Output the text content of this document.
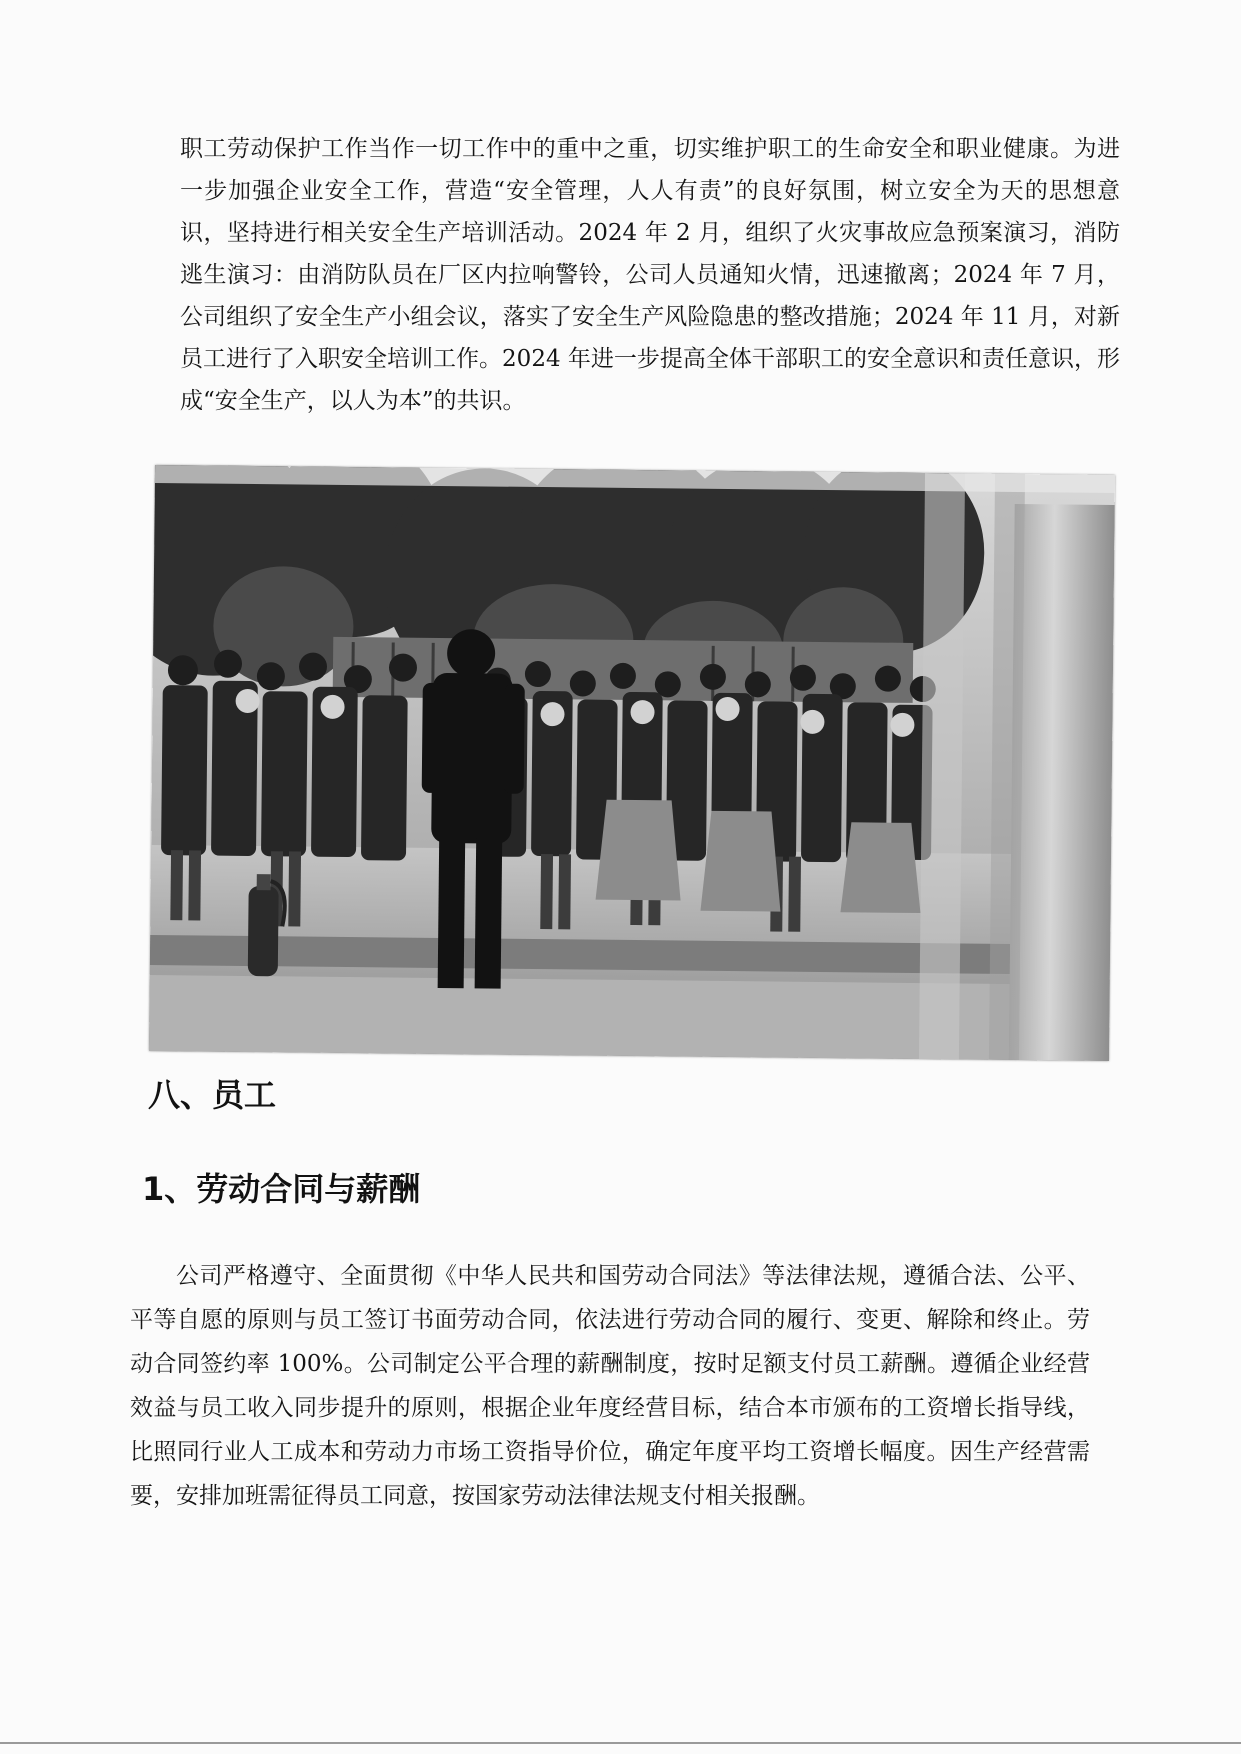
职工劳动保护工作当作一切工作中的重中之重，切实维护职工的生命安全和职业健康。为进一步加强企业安全工作，营造“安全管理，人人有责”的良好氛围，树立安全为天的思想意识，坚持进行相关安全生产培训活动。2024 年 2 月，组织了火灾事故应急预案演习，消防逃生演习：由消防队员在厂区内拉响警铃，公司人员通知火情，迅速撤离；2024 年 7 月，公司组织了安全生产小组会议，落实了安全生产风险隐患的整改措施；2024 年 11 月，对新员工进行了入职安全培训工作。2024 年进一步提高全体干部职工的安全意识和责任意识，形成“安全生产，以人为本”的共识。

八、员工
1、劳动合同与薪酬

公司严格遵守、全面贯彻《中华人民共和国劳动合同法》等法律法规，遵循合法、公平、平等自愿的原则与员工签订书面劳动合同，依法进行劳动合同的履行、变更、解除和终止。劳动合同签约率 100%。公司制定公平合理的薪酬制度，按时足额支付员工薪酬。遵循企业经营效益与员工收入同步提升的原则，根据企业年度经营目标，结合本市颁布的工资增长指导线，比照同行业人工成本和劳动力市场工资指导价位，确定年度平均工资增长幅度。因生产经营需要，安排加班需征得员工同意，按国家劳动法律法规支付相关报酬。
